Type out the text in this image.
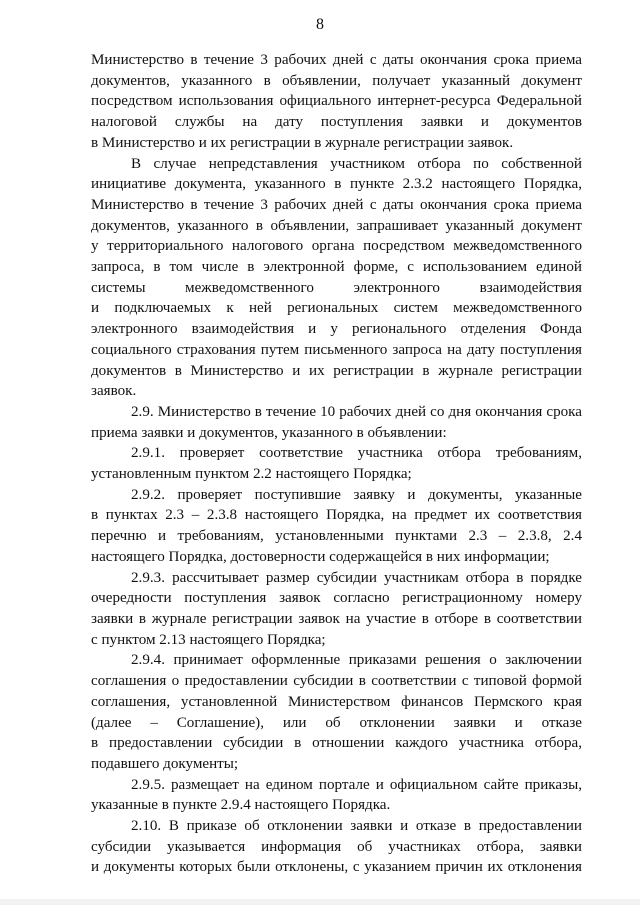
8
Министерство в течение 3 рабочих дней с даты окончания срока приема
документов, указанного в объявлении, получает указанный документ
посредством использования официального интернет-ресурса Федеральной
налоговой службы на дату поступления заявки и документов
в Министерство и их регистрации в журнале регистрации заявок.
В случае непредставления участником отбора по собственной
инициативе документа, указанного в пункте 2.3.2 настоящего Порядка,
Министерство в течение 3 рабочих дней с даты окончания срока приема
документов, указанного в объявлении, запрашивает указанный документ
у территориального налогового органа посредством межведомственного
запроса, в том числе в электронной форме, с использованием единой
системы межведомственного электронного взаимодействия
и подключаемых к ней региональных систем межведомственного
электронного взаимодействия и у регионального отделения Фонда
социального страхования путем письменного запроса на дату поступления
документов в Министерство и их регистрации в журнале регистрации
заявок.
2.9. Министерство в течение 10 рабочих дней со дня окончания срока
приема заявки и документов, указанного в объявлении:
2.9.1. проверяет соответствие участника отбора требованиям,
установленным пунктом 2.2 настоящего Порядка;
2.9.2. проверяет поступившие заявку и документы, указанные
в пунктах 2.3 – 2.3.8 настоящего Порядка, на предмет их соответствия
перечню и требованиям, установленными пунктами 2.3 – 2.3.8, 2.4
настоящего Порядка, достоверности содержащейся в них информации;
2.9.3. рассчитывает размер субсидии участникам отбора в порядке
очередности поступления заявок согласно регистрационному номеру
заявки в журнале регистрации заявок на участие в отборе в соответствии
с пунктом 2.13 настоящего Порядка;
2.9.4. принимает оформленные приказами решения о заключении
соглашения о предоставлении субсидии в соответствии с типовой формой
соглашения, установленной Министерством финансов Пермского края
(далее – Соглашение), или об отклонении заявки и отказе
в предоставлении субсидии в отношении каждого участника отбора,
подавшего документы;
2.9.5. размещает на едином портале и официальном сайте приказы,
указанные в пункте 2.9.4 настоящего Порядка.
2.10. В приказе об отклонении заявки и отказе в предоставлении
субсидии указывается информация об участниках отбора, заявки
и документы которых были отклонены, с указанием причин их отклонения
